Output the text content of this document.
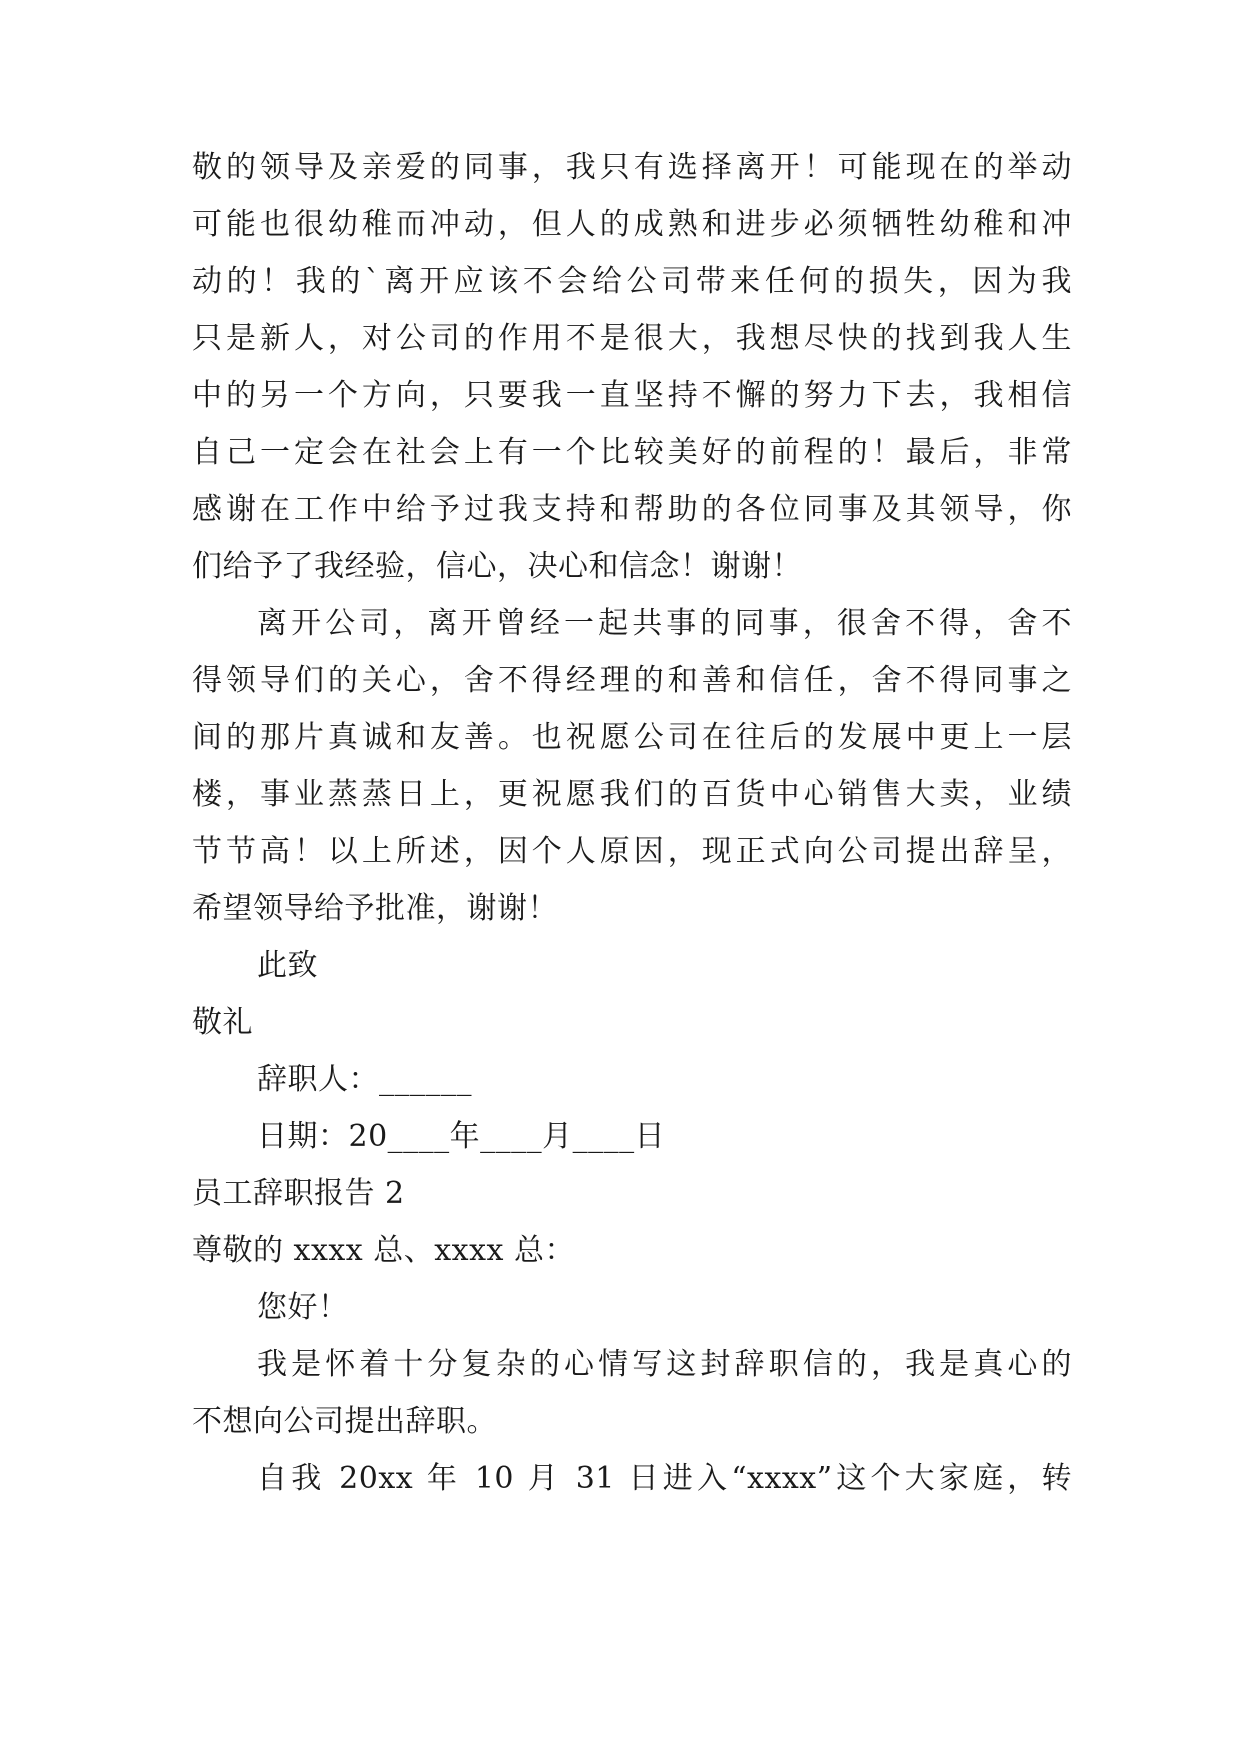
敬的领导及亲爱的同事，我只有选择离开！可能现在的举动
可能也很幼稚而冲动，但人的成熟和进步必须牺牲幼稚和冲
动的！我的`离开应该不会给公司带来任何的损失，因为我
只是新人，对公司的作用不是很大，我想尽快的找到我人生
中的另一个方向，只要我一直坚持不懈的努力下去，我相信
自己一定会在社会上有一个比较美好的前程的！最后，非常
感谢在工作中给予过我支持和帮助的各位同事及其领导，你
们给予了我经验，信心，决心和信念！谢谢！
离开公司，离开曾经一起共事的同事，很舍不得，舍不
得领导们的关心，舍不得经理的和善和信任，舍不得同事之
间的那片真诚和友善。也祝愿公司在往后的发展中更上一层
楼，事业蒸蒸日上，更祝愿我们的百货中心销售大卖，业绩
节节高！以上所述，因个人原因，现正式向公司提出辞呈，
希望领导给予批准，谢谢！
此致
敬礼
辞职人：______
日期：20____年____月____日
员工辞职报告 2
尊敬的 xxxx 总、xxxx 总：
您好！
我是怀着十分复杂的心情写这封辞职信的，我是真心的
不想向公司提出辞职。
自我 20xx 年 10 月 31 日进入“xxxx”这个大家庭，转
